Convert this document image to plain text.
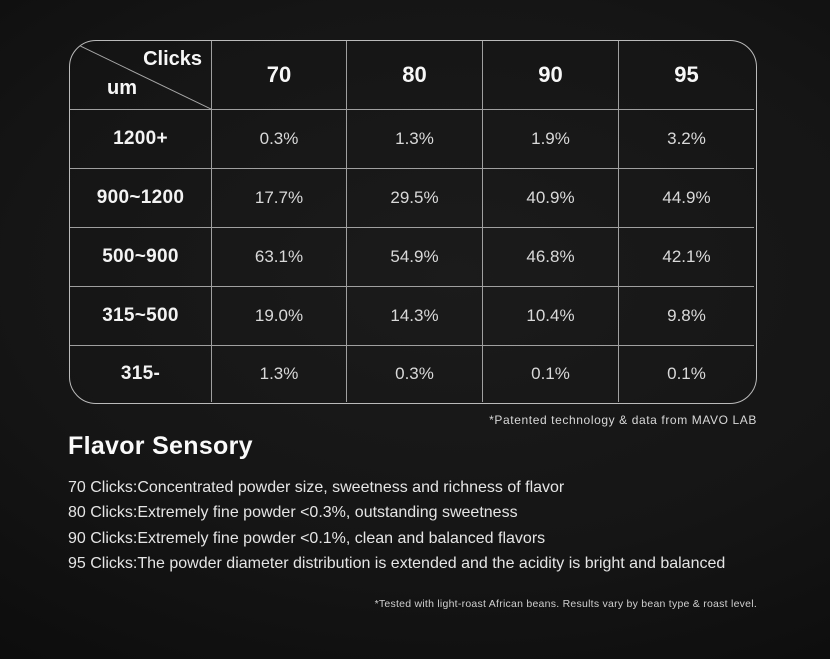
Clicks
um
70	80	90	95
1200+	0.3%	1.3%	1.9%	3.2%
900~1200	17.7%	29.5%	40.9%	44.9%
500~900	63.1%	54.9%	46.8%	42.1%
315~500	19.0%	14.3%	10.4%	9.8%
315-	1.3%	0.3%	0.1%	0.1%
*Patented technology & data from MAVO LAB
Flavor Sensory
70 Clicks:Concentrated powder size, sweetness and richness of flavor
80 Clicks:Extremely fine powder <0.3%, outstanding sweetness
90 Clicks:Extremely fine powder <0.1%, clean and balanced flavors
95 Clicks:The powder diameter distribution is extended and the acidity is bright and balanced
*Tested with light-roast African beans. Results vary by bean type & roast level.
